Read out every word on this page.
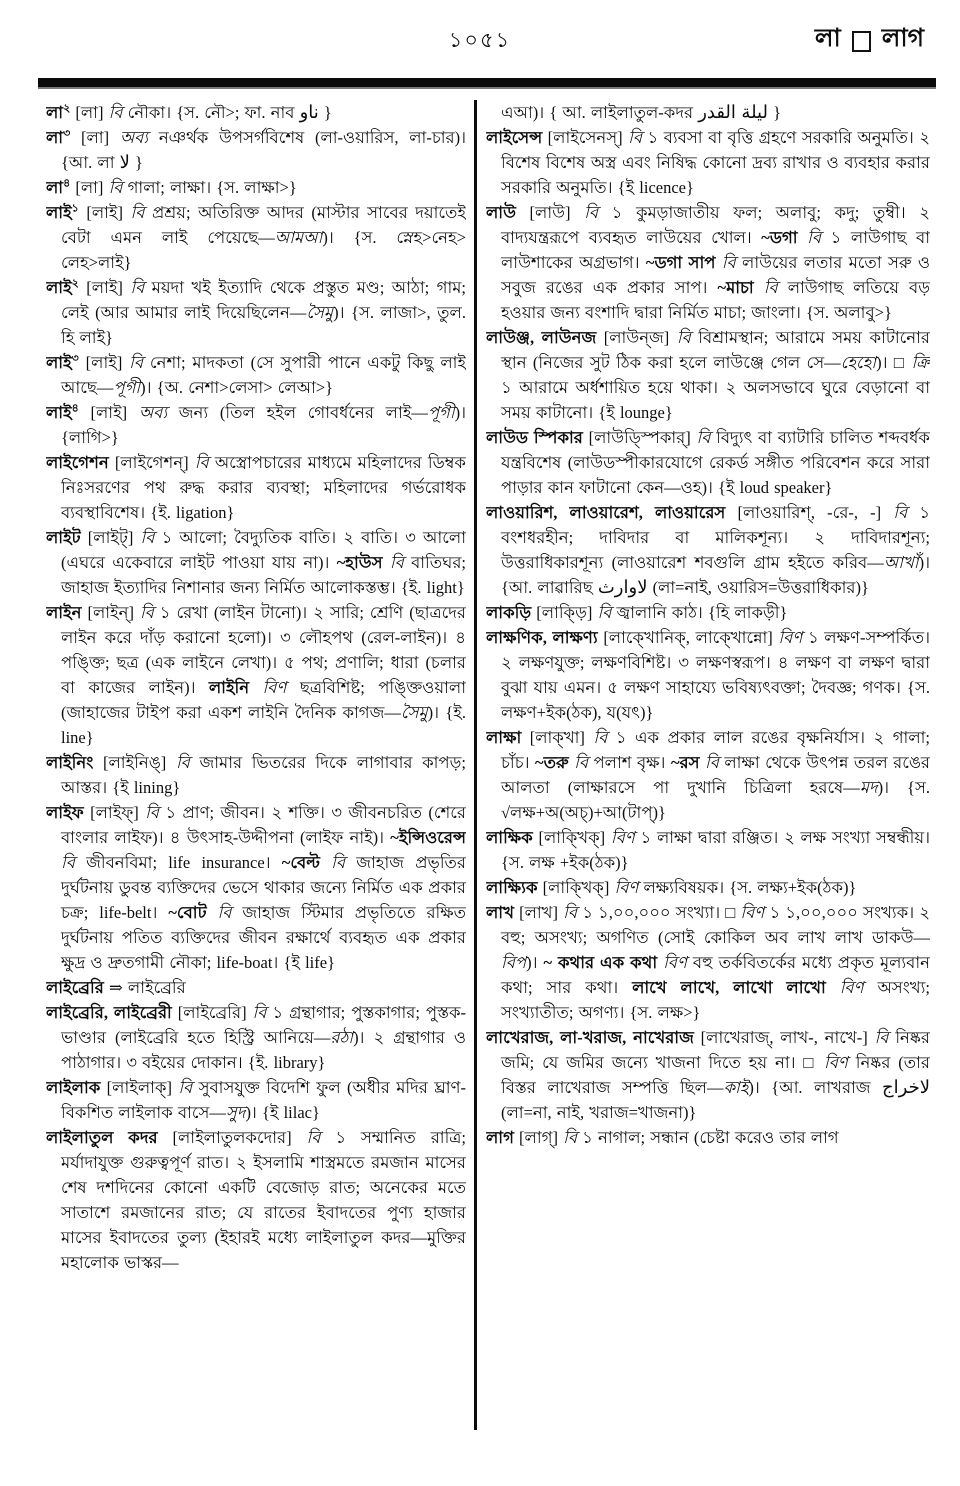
১০৫১	লা লাগ

লা$^২$ [লা] বি নৌকা। {স. নৌ>; ফা. নাব ناو }

লা$^৩$ [লা] অব্য নঞর্থক উপসর্গবিশেষ (লা-ওয়ারিস, লা-চার)। {আ. লা لا }

লা$^৪$ [লা] বি গালা; লাক্ষা। {স. লাক্ষা>}

লাই$^১$ [লাই] বি প্রশ্রয়; অতিরিক্ত আদর (মাস্টার সাবের দয়াতেই বেটা এমন লাই পেয়েছে—আমআ)। {স. স্নেহ>নেহ> লেহ>লাই}

লাই$^২$ [লাই] বি ময়দা খই ইত্যাদি থেকে প্রস্তুত মণ্ড; আঠা; গাম; লেই (আর আমার লাই দিয়েছিলেন—সৈমু)। {স. লাজা>, তুল. হি লাই}

লাই$^৩$ [লাই] বি নেশা; মাদকতা (সে সুপারী পানে একটু কিছু লাই আছে—পূগী)। {অ. নেশা>লেসা> লেআ>}

লাই$^৪$ [লাই] অব্য জন্য (তিল হইল গোবর্ধনের লাই—পূগী)। {লাগি>}

লাইগেশন [লাইগেশন্] বি অস্ত্রোপচারের মাধ্যমে মহিলাদের ডিম্বক নিঃসরণের পথ রুদ্ধ করার ব্যবস্থা; মহিলাদের গর্ভরোধক ব্যবস্থাবিশেষ। {ই. ligation}

লাইট [লাইট্] বি ১ আলো; বৈদ্যুতিক বাতি। ২ বাতি। ৩ আলো (এঘরে একেবারে লাইট পাওয়া যায় না)। ~হাউস বি বাতিঘর; জাহাজ ইত্যাদির নিশানার জন্য নির্মিত আলোকস্তম্ভ। {ই. light}

লাইন [লাইন্] বি ১ রেখা (লাইন টানো)। ২ সারি; শ্রেণি (ছাত্রদের লাইন করে দাঁড় করানো হলো)। ৩ লৌহপথ (রেল-লাইন)। ৪ পঙ্ক্তি; ছত্র (এক লাইনে লেখা)। ৫ পথ; প্রণালি; ধারা (চলার বা কাজের লাইন)। লাইনি বিণ ছত্রবিশিষ্ট; পঙ্ক্তিওয়ালা (জাহাজের টাইপ করা একশ লাইনি দৈনিক কাগজ—সৈমু)। {ই. line}

লাইনিং [লাইনিঙ্] বি জামার ভিতরের দিকে লাগাবার কাপড়; আস্তর। {ই lining}

লাইফ [লাইফ্] বি ১ প্রাণ; জীবন। ২ শক্তি। ৩ জীবনচরিত (শেরে বাংলার লাইফ)। ৪ উৎসাহ-উদ্দীপনা (লাইফ নাই)। ~ইন্সিওরেন্স বি জীবনবিমা; life insurance। ~বেল্ট বি জাহাজ প্রভৃতির দুর্ঘটনায় ডুবন্ত ব্যক্তিদের ভেসে থাকার জন্যে নির্মিত এক প্রকার চক্র; life-belt। ~বোট বি জাহাজ স্টিমার প্রভৃতিতে রক্ষিত দুর্ঘটনায় পতিত ব্যক্তিদের জীবন রক্ষার্থে ব্যবহৃত এক প্রকার ক্ষুদ্র ও দ্রুতগামী নৌকা; life-boat। {ই life}

লাইব্রেরি ⇒ লাইব্রেরি

লাইব্রেরি, লাইব্রেরী [লাইব্রেরি] বি ১ গ্রন্থাগার; পুস্তকাগার; পুস্তক-ভাণ্ডার (লাইব্রেরি হতে হিস্ট্রি আনিয়ে—রঠা)। ২ গ্রন্থাগার ও পাঠাগার। ৩ বইয়ের দোকান। {ই. library}

লাইলাক [লাইলাক্] বি সুবাসযুক্ত বিদেশি ফুল (অধীর মদির ঘ্রাণ-বিকশিত লাইলাক বাসে—সুদ)। {ই lilac}

লাইলাতুল কদর [লাইলাতুলকদোর] বি ১ সম্মানিত রাত্রি; মর্যাদাযুক্ত গুরুত্বপূর্ণ রাত। ২ ইসলামি শাস্ত্রমতে রমজান মাসের শেষ দশদিনের কোনো একটি বেজোড় রাত; অনেকের মতে সাতাশে রমজানের রাত; যে রাতের ইবাদতের পুণ্য হাজার মাসের ইবাদতের তুল্য (ইহারই মধ্যে লাইলাতুল কদর—মুক্তির মহালোক ভাস্কর—

এআ)। { আ. লাইলাতুল-কদর ليلة القدر }

লাইসেন্স [লাইসেনস্] বি ১ ব্যবসা বা বৃত্তি গ্রহণে সরকারি অনুমতি। ২ বিশেষ বিশেষ অস্ত্র এবং নিষিদ্ধ কোনো দ্রব্য রাখার ও ব্যবহার করার সরকারি অনুমতি। {ই licence}

লাউ [লাউ] বি ১ কুমড়াজাতীয় ফল; অলাবু; কদু; তুম্বী। ২ বাদ্যযন্ত্ররূপে ব্যবহৃত লাউয়ের খোল। ~ডগা বি ১ লাউগাছ বা লাউশাকের অগ্রভাগ। ~ডগা সাপ বি লাউয়ের লতার মতো সরু ও সবুজ রঙের এক প্রকার সাপ। ~মাচা বি লাউগাছ লতিয়ে বড় হওয়ার জন্য বংশাদি দ্বারা নির্মিত মাচা; জাংলা। {স. অলাবু>}

লাউঞ্জ, লাউনজ [লাউন্জ] বি বিশ্রামস্থান; আরামে সময় কাটানোর স্থান (নিজের সুট ঠিক করা হলে লাউঞ্জে গেল সে—হেহো)। □ ক্রি ১ আরামে অর্ধশায়িত হয়ে থাকা। ২ অলসভাবে ঘুরে বেড়ানো বা সময় কাটানো। {ই lounge}

লাউড স্পিকার [লাউড্স্পিকার্] বি বিদ্যুৎ বা ব্যাটারি চালিত শব্দবর্ধক যন্ত্রবিশেষ (লাউডস্পীকারযোগে রেকর্ড সঙ্গীত পরিবেশন করে সারা পাড়ার কান ফাটানো কেন—ওহ)। {ই loud speaker}

লাওয়ারিশ, লাওয়ারেশ, লাওয়ারেস [লাওয়ারিশ্, -রে-, -] বি ১ বংশধরহীন; দাবিদার বা মালিকশূন্য। ২ দাবিদারশূন্য; উত্তরাধিকারশূন্য (লাওয়ারেশ শবগুলি গ্রাম হইতে করিব—আখাঁ)। {আ. লাৱারিছ لاوارث (লা=নাই, ওয়ারিস=উত্তরাধিকার)}

লাকড়ি [লাক্ড়ি] বি জ্বালানি কাঠ। {হি লাকড়ী}

লাক্ষণিক, লাক্ষণ্য [লাক্খোনিক্, লাক্খোন্নো] বিণ ১ লক্ষণ-সম্পর্কিত। ২ লক্ষণযুক্ত; লক্ষণবিশিষ্ট। ৩ লক্ষণস্বরূপ। ৪ লক্ষণ বা লক্ষণ দ্বারা বুঝা যায় এমন। ৫ লক্ষণ সাহায্যে ভবিষ্যৎবক্তা; দৈবজ্ঞ; গণক। {স. লক্ষণ+ইক(ঠক), য(যৎ)}

লাক্ষা [লাক্খা] বি ১ এক প্রকার লাল রঙের বৃক্ষনির্যাস। ২ গালা; চাঁচ। ~তরু বি পলাশ বৃক্ষ। ~রস বি লাক্ষা থেকে উৎপন্ন তরল রঙের আলতা (লাক্ষারসে পা দুখানি চিত্রিলা হরষে—মদ)। {স. √লক্ষ+অ(অচ্)+আ(টাপ্)}

লাক্ষিক [লাক্খিক্] বিণ ১ লাক্ষা দ্বারা রঞ্জিত। ২ লক্ষ সংখ্যা সম্বন্ধীয়। {স. লক্ষ +ইক(ঠক)}

লাক্ষ্যিক [লাক্খিক্] বিণ লক্ষ্যবিষয়ক। {স. লক্ষ্য+ইক(ঠক)}

লাখ [লাখ] বি ১ ১,০০,০০০ সংখ্যা। □ বিণ ১ ১,০০,০০০ সংখ্যক। ২ বহু; অসংখ্য; অগণিত (সোই কোকিল অব লাখ লাখ ডাকউ—বিপ)। ~ কথার এক কথা বিণ বহু তর্কবিতর্কের মধ্যে প্রকৃত মূল্যবান কথা; সার কথা। লাখে লাখে, লাখো লাখো বিণ অসংখ্য; সংখ্যাতীত; অগণ্য। {স. লক্ষ>}

লাখেরাজ, লা-খরাজ, নাখেরাজ [লাখেরাজ্, লাখ-, নাখে-] বি নিষ্কর জমি; যে জমির জন্যে খাজনা দিতে হয় না। □ বিণ নিষ্কর (তার বিস্তর লাখেরাজ সম্পত্তি ছিল—কাই)। {আ. লাখরাজ لاخراج (লা=না, নাই, খরাজ=খাজনা)}

লাগ [লাগ্] বি ১ নাগাল; সন্ধান (চেষ্টা করেও তার লাগ
